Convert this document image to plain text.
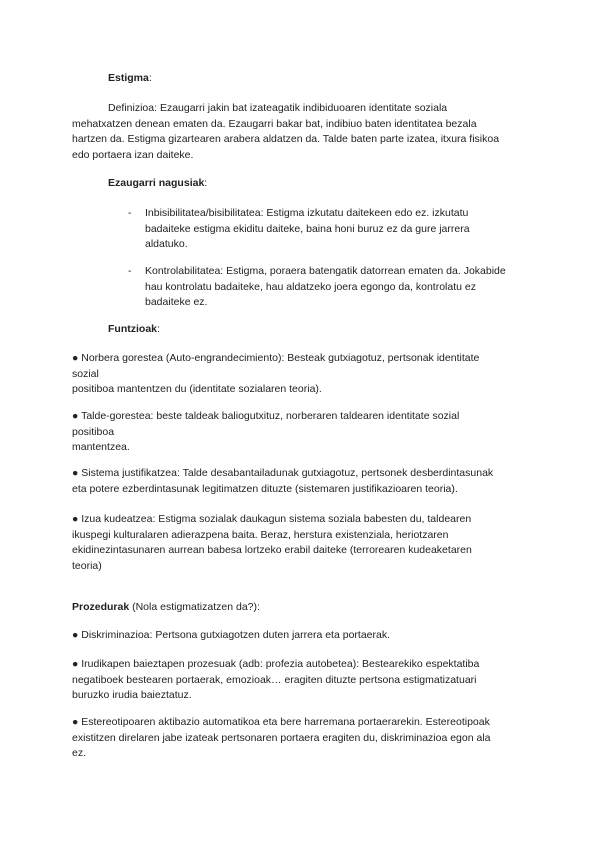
Estigma:
Definizioa: Ezaugarri jakin bat izateagatik indibiduoaren identitate soziala
mehatxatzen denean ematen da. Ezaugarri bakar bat, indibiuo baten identitatea bezala
hartzen da. Estigma gizartearen arabera aldatzen da. Talde baten parte izatea, itxura fisikoa
edo portaera izan daiteke.
Ezaugarri nagusiak:
- Inbisibilitatea/bisibilitatea: Estigma izkutatu daitekeen edo ez. izkutatu
badaiteke estigma ekiditu daiteke, baina honi buruz ez da gure jarrera
aldatuko.
- Kontrolabilitatea: Estigma, poraera batengatik datorrean ematen da. Jokabide
hau kontrolatu badaiteke, hau aldatzeko joera egongo da, kontrolatu ez
badaiteke ez.
Funtzioak:
● Norbera gorestea (Auto-engrandecimiento): Besteak gutxiagotuz, pertsonak identitate
sozial
positiboa mantentzen du (identitate sozialaren teoria).
● Talde-gorestea: beste taldeak baliogutxituz, norberaren taldearen identitate sozial
positiboa
mantentzea.
● Sistema justifikatzea: Talde desabantailadunak gutxiagotuz, pertsonek desberdintasunak
eta potere ezberdintasunak legitimatzen dituzte (sistemaren justifikazioaren teoria).
● Izua kudeatzea: Estigma sozialak daukagun sistema soziala babesten du, taldearen
ikuspegi kulturalaren adierazpena baita. Beraz, herstura existenziala, heriotzaren
ekidinezintasunaren aurrean babesa lortzeko erabil daiteke (terrorearen kudeaketaren
teoria)
Prozedurak (Nola estigmatizatzen da?):
● Diskriminazioa: Pertsona gutxiagotzen duten jarrera eta portaerak.
● Irudikapen baieztapen prozesuak (adb: profezia autobetea): Bestearekiko espektatiba
negatiboek bestearen portaerak, emozioak… eragiten dituzte pertsona estigmatizatuari
buruzko irudia baieztatuz.
● Estereotipoaren aktibazio automatikoa eta bere harremana portaerarekin. Estereotipoak
existitzen direlaren jabe izateak pertsonaren portaera eragiten du, diskriminazioa egon ala
ez.
